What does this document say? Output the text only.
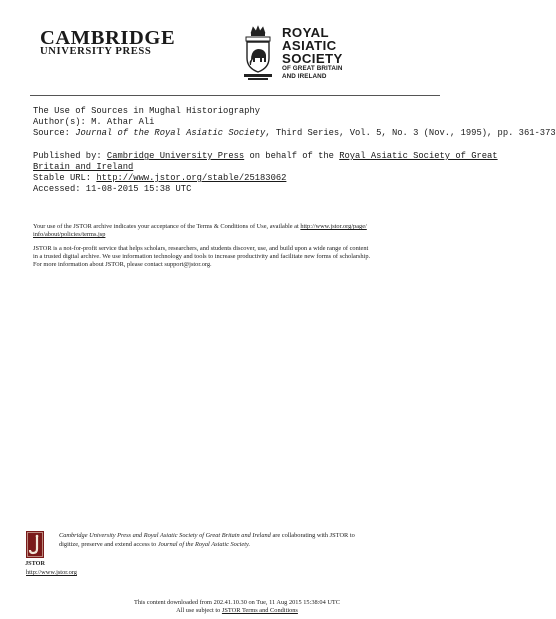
CAMBRIDGE
UNIVERSITY PRESS
ROYAL
ASIATIC
SOCIETY
OF GREAT BRITAIN
AND IRELAND
The Use of Sources in Mughal Historiography
Author(s): M. Athar Ali
Source: Journal of the Royal Asiatic Society, Third Series, Vol. 5, No. 3 (Nov., 1995), pp. 361-373
Published by: Cambridge University Press on behalf of the Royal Asiatic Society of Great
Britain and Ireland
Stable URL: http://www.jstor.org/stable/25183062
Accessed: 11-08-2015 15:38 UTC
Your use of the JSTOR archive indicates your acceptance of the Terms & Conditions of Use, available at http://www.jstor.org/page/
info/about/policies/terms.jsp
JSTOR is a not-for-profit service that helps scholars, researchers, and students discover, use, and build upon a wide range of content
in a trusted digital archive. We use information technology and tools to increase productivity and facilitate new forms of scholarship.
For more information about JSTOR, please contact support@jstor.org.
JSTOR
Cambridge University Press and Royal Asiatic Society of Great Britain and Ireland are collaborating with JSTOR to
digitize, preserve and extend access to Journal of the Royal Asiatic Society.
http://www.jstor.org
This content downloaded from 202.41.10.30 on Tue, 11 Aug 2015 15:38:04 UTC
All use subject to JSTOR Terms and Conditions
